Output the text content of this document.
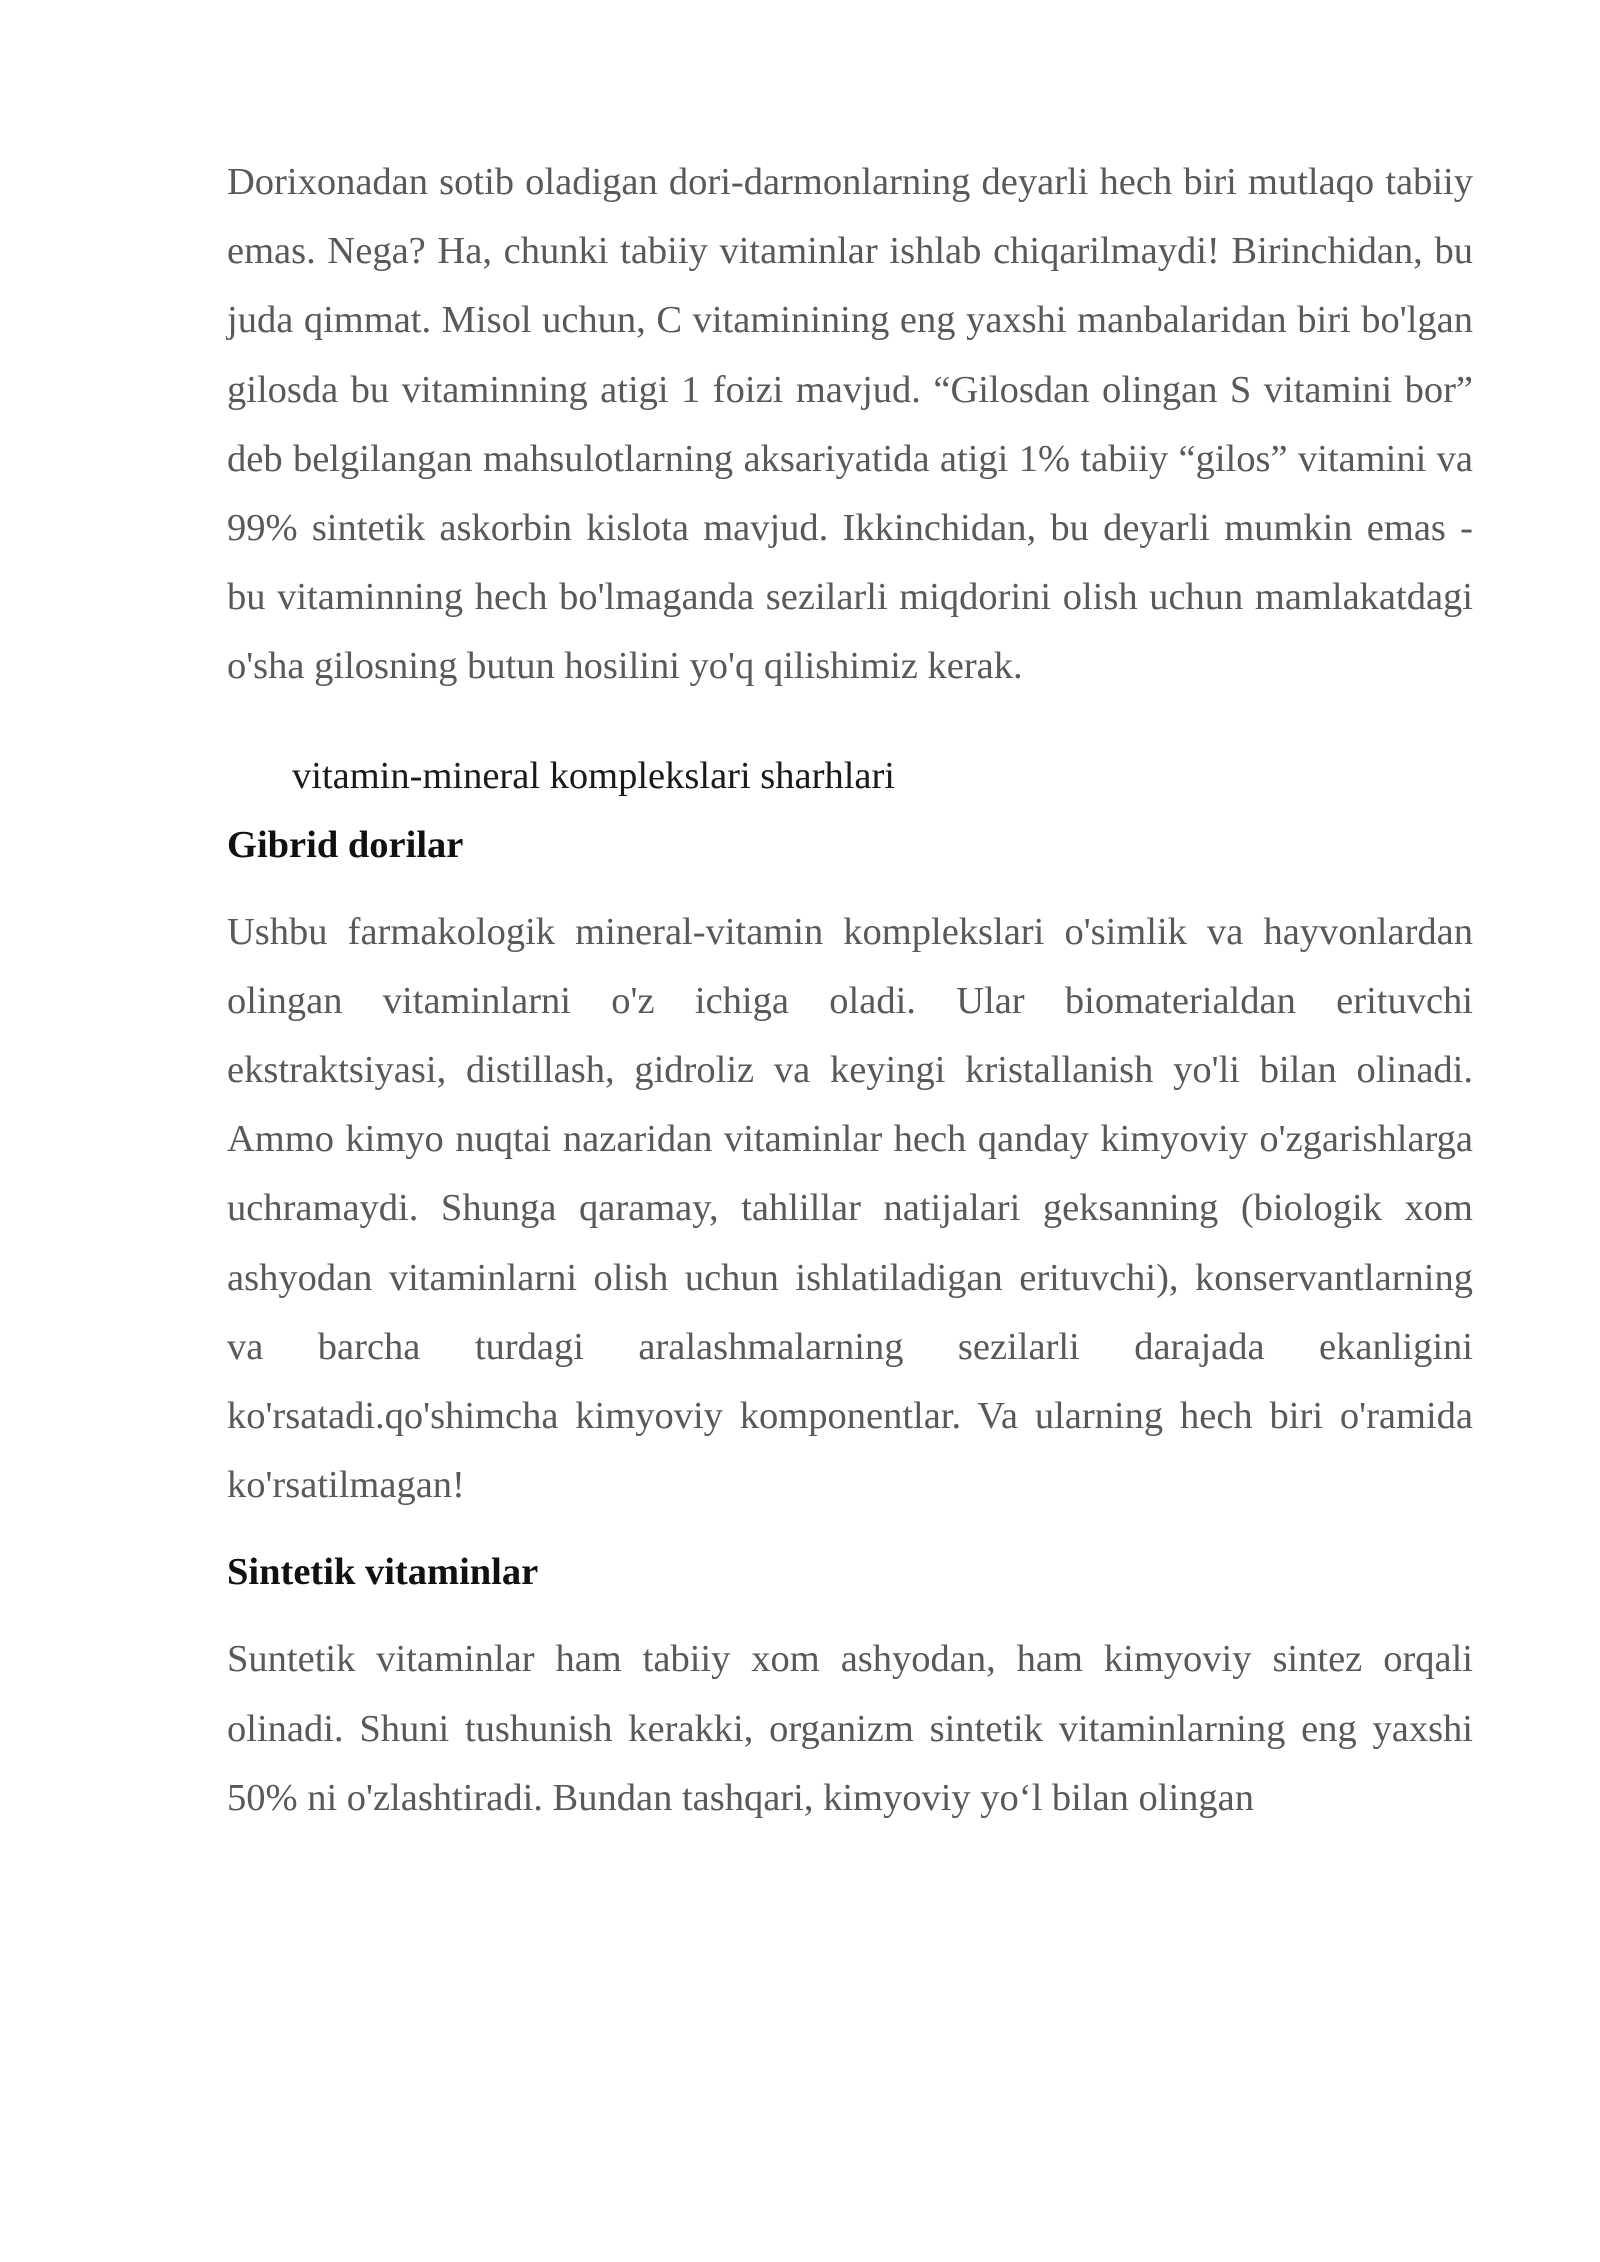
Dorixonadan sotib oladigan dori-darmonlarning deyarli hech biri mutlaqo tabiiy emas. Nega? Ha, chunki tabiiy vitaminlar ishlab chiqarilmaydi! Birinchidan, bu juda qimmat. Misol uchun, C vitaminining eng yaxshi manbalaridan biri bo'lgan gilosda bu vitaminning atigi 1 foizi mavjud. “Gilosdan olingan S vitamini bor” deb belgilangan mahsulotlarning aksariyatida atigi 1% tabiiy “gilos” vitamini va 99% sintetik askorbin kislota mavjud. Ikkinchidan, bu deyarli mumkin emas - bu vitaminning hech bo'lmaganda sezilarli miqdorini olish uchun mamlakatdagi o'sha gilosning butun hosilini yo'q qilishimiz kerak.

vitamin-mineral komplekslari sharhlari

Gibrid dorilar

Ushbu farmakologik mineral-vitamin komplekslari o'simlik va hayvonlardan olingan vitaminlarni o'z ichiga oladi. Ular biomaterialdan erituvchi ekstraktsiyasi, distillash, gidroliz va keyingi kristallanish yo'li bilan olinadi. Ammo kimyo nuqtai nazaridan vitaminlar hech qanday kimyoviy o'zgarishlarga uchramaydi. Shunga qaramay, tahlillar natijalari geksanning (biologik xom ashyodan vitaminlarni olish uchun ishlatiladigan erituvchi), konservantlarning va barcha turdagi aralashmalarning sezilarli darajada ekanligini ko'rsatadi.qo'shimcha kimyoviy komponentlar. Va ularning hech biri o'ramida ko'rsatilmagan!

Sintetik vitaminlar

Suntetik vitaminlar ham tabiiy xom ashyodan, ham kimyoviy sintez orqali olinadi. Shuni tushunish kerakki, organizm sintetik vitaminlarning eng yaxshi 50% ni o'zlashtiradi. Bundan tashqari, kimyoviy yo‘l bilan olingan
